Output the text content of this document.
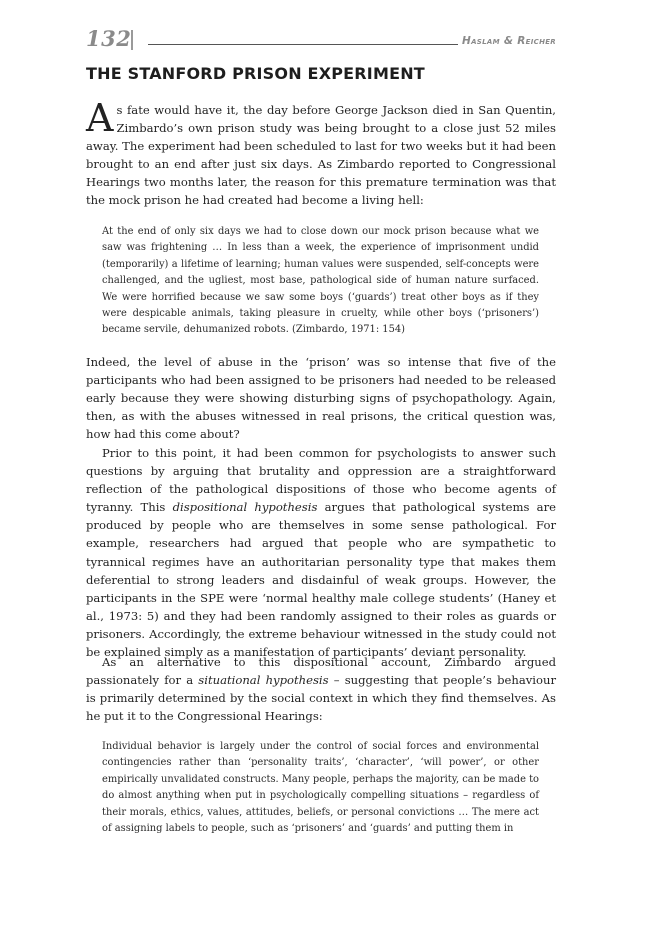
132	Haslam & Reicher
THE STANFORD PRISON EXPERIMENT

As fate would have it, the day before George Jackson died in San Quentin, Zimbardo’s own prison study was being brought to a close just 52 miles away. The experiment had been scheduled to last for two weeks but it had been brought to an end after just six days. As Zimbardo reported to Congressional Hearings two months later, the reason for this premature termination was that the mock prison he had created had become a living hell:

At the end of only six days we had to close down our mock prison because what we saw was frightening … In less than a week, the experience of imprisonment undid (temporarily) a lifetime of learning; human values were suspended, self-concepts were challenged, and the ugliest, most base, pathological side of human nature surfaced. We were horrified because we saw some boys (‘guards’) treat other boys as if they were despicable animals, taking pleasure in cruelty, while other boys (‘prisoners’) became servile, dehumanized robots. (Zimbardo, 1971: 154)

Indeed, the level of abuse in the ‘prison’ was so intense that five of the participants who had been assigned to be prisoners had needed to be released early because they were showing disturbing signs of psychopathology. Again, then, as with the abuses witnessed in real prisons, the critical question was, how had this come about?

Prior to this point, it had been common for psychologists to answer such questions by arguing that brutality and oppression are a straightforward reflection of the pathological dispositions of those who become agents of tyranny. This dispositional hypothesis argues that pathological systems are produced by people who are themselves in some sense pathological. For example, researchers had argued that people who are sympathetic to tyrannical regimes have an authoritarian personality type that makes them deferential to strong leaders and disdainful of weak groups. However, the participants in the SPE were ‘normal healthy male college students’ (Haney et al., 1973: 5) and they had been randomly assigned to their roles as guards or prisoners. Accordingly, the extreme behaviour witnessed in the study could not be explained simply as a manifestation of participants’ deviant personality.

As an alternative to this dispositional account, Zimbardo argued passionately for a situational hypothesis – suggesting that people’s behaviour is primarily determined by the social context in which they find themselves. As he put it to the Congressional Hearings:

Individual behavior is largely under the control of social forces and environmental contingencies rather than ‘personality traits’, ‘character’, ‘will power’, or other empirically unvalidated constructs. Many people, perhaps the majority, can be made to do almost anything when put in psychologically compelling situations – regardless of their morals, ethics, values, attitudes, beliefs, or personal convictions … The mere act of assigning labels to people, such as ‘prisoners’ and ‘guards’ and putting them in
